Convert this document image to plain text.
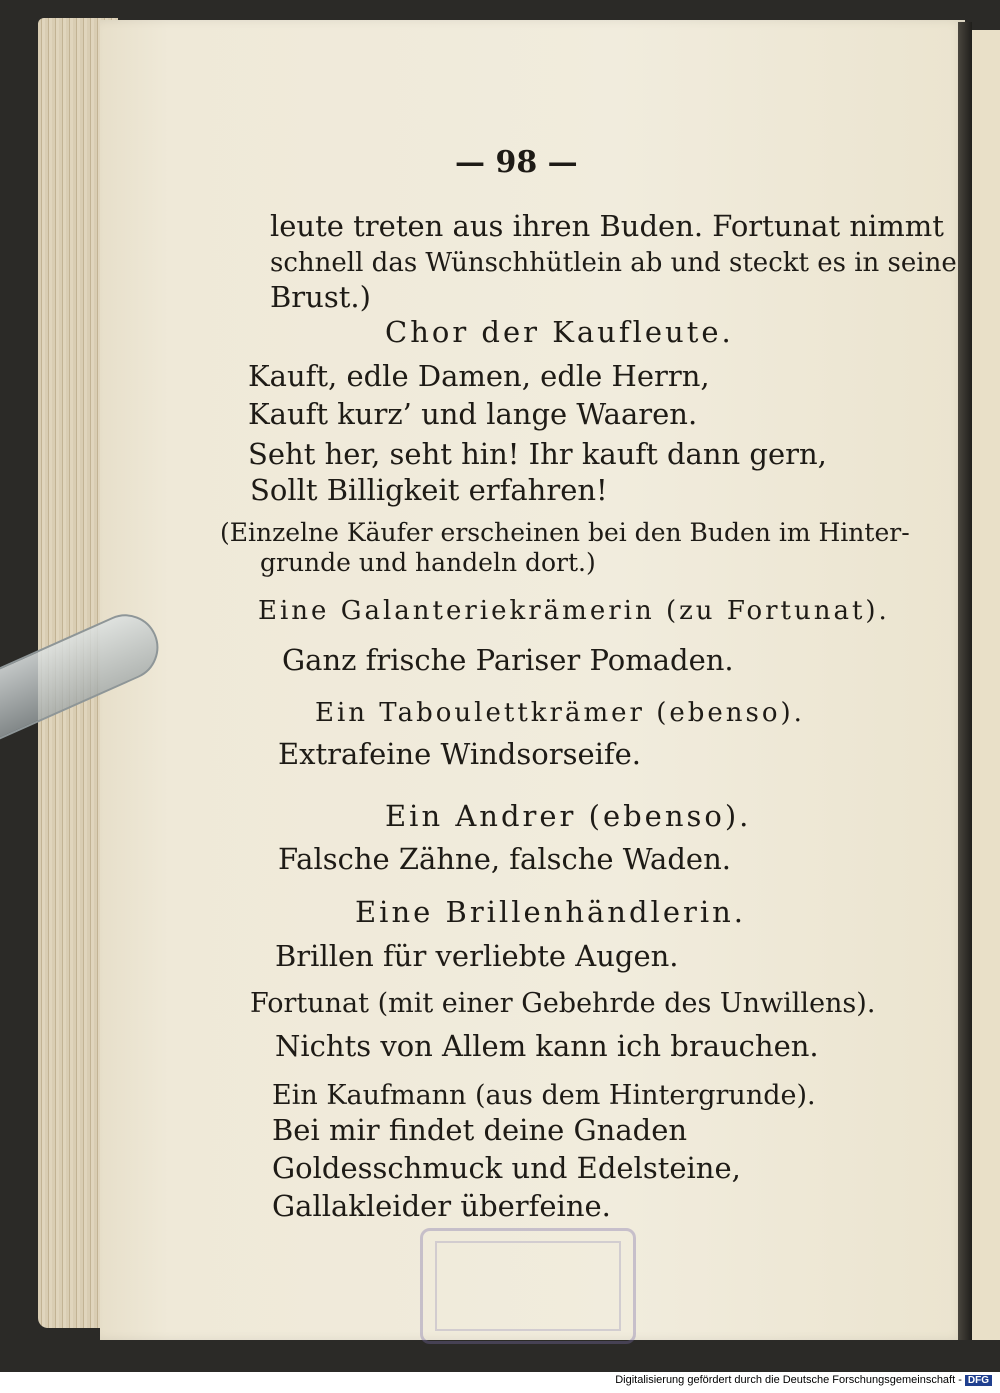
— 98 —
leute treten aus ihren Buden. Fortunat nimmt
schnell das Wünschhütlein ab und steckt es in seine
Brust.)
Chor der Kaufleute.
Kauft, edle Damen, edle Herrn,
Kauft kurz’ und lange Waaren.
Seht her, seht hin! Ihr kauft dann gern,
Sollt Billigkeit erfahren!
(Einzelne Käufer erscheinen bei den Buden im Hinter-
grunde und handeln dort.)
Eine Galanteriekrämerin (zu Fortunat).
Ganz frische Pariser Pomaden.
Ein Taboulettkrämer (ebenso).
Extrafeine Windsorseife.
Ein Andrer (ebenso).
Falsche Zähne, falsche Waden.
Eine Brillenhändlerin.
Brillen für verliebte Augen.
Fortunat (mit einer Gebehrde des Unwillens).
Nichts von Allem kann ich brauchen.
Ein Kaufmann (aus dem Hintergrunde).
Bei mir findet deine Gnaden
Goldesschmuck und Edelsteine,
Gallakleider überfeine.
Digitalisierung gefördert durch die Deutsche Forschungsgemeinschaft - DFG
